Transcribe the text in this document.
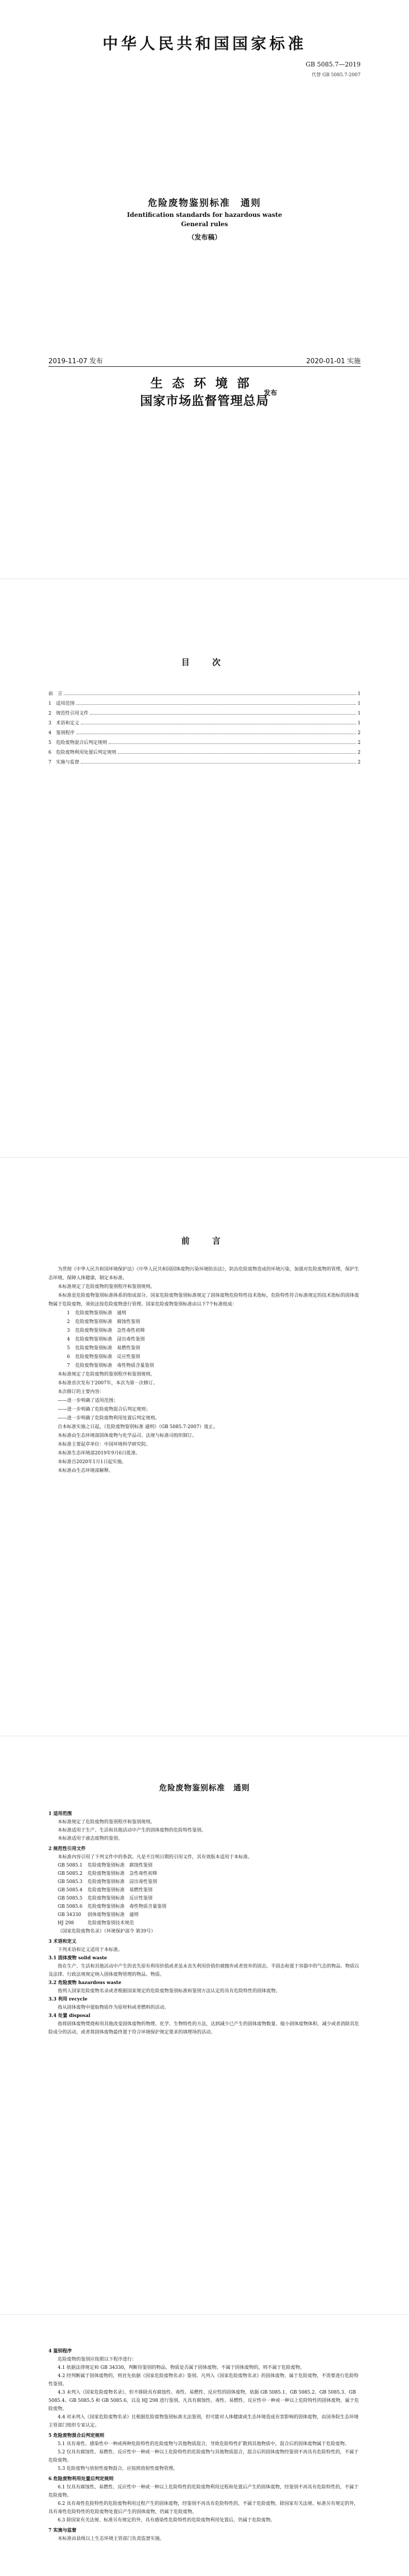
中华人民共和国国家标准
GB 5085.7—2019
代替 GB 5085.7-2007
危险废物鉴别标准　通则
Identification standards for hazardous waste
General rules
（发布稿）
2019-11-07 发布	2020-01-01 实施
生态环境部
国家市场监督管理总局
发布
目　次
前　言	1
1　适用范围	1
2　规范性引用文件	1
3　术语和定义	1
4　鉴别程序	2
5　危险废物混合后判定规则	2
6　危险废物利用处置后判定规则	2
7　实施与监督	2
前　言

为贯彻《中华人民共和国环境保护法》《中华人民共和国固体废物污染环境防治法》，防治危险废物造成的环境污染，加强对危险废物的管理，保护生态环境，保障人体健康，制定本标准。

本标准规定了危险废物的鉴别程序和鉴别规则。

本标准是危险废物鉴别标准体系的组成部分。国家危险废物鉴别标准规定了固体废物危险特性技术指标，危险特性符合标准规定的技术指标的固体废物属于危险废物，须依法按危险废物进行管理。国家危险废物鉴别标准由以下7个标准组成：

1 危险废物鉴别标准　通则
2 危险废物鉴别标准　腐蚀性鉴别
3 危险废物鉴别标准　急性毒性初筛
4 危险废物鉴别标准　浸出毒性鉴别
5 危险废物鉴别标准　易燃性鉴别
6 危险废物鉴别标准　反应性鉴别
7 危险废物鉴别标准　毒性物质含量鉴别

本标准规定了危险废物的鉴别程序和鉴别规则。

本标准首次发布于2007年，本次为第一次修订。

本次修订的主要内容：

——进一步明确了适用范围；

——进一步明确了危险废物混合后判定规则；

——进一步明确了危险废物利用处置后判定规则。

自本标准实施之日起，《危险废物鉴别标准 通则》（GB 5085.7-2007）废止。

本标准由生态环境部固体废物与化学品司、法规与标准司组织制订。

本标准主要起草单位：中国环境科学研究院。

本标准生态环境部2019年9月6日批准。

本标准自2020年1月1日起实施。

本标准由生态环境部解释。

危险废物鉴别标准　通则
1 适用范围

本标准规定了危险废物的鉴别程序和鉴别规则。

本标准适用于生产、生活和其他活动中产生的固体废物的危险特性鉴别。

本标准适用于液态废物的鉴别。

2 规范性引用文件

本标准内容引用了下列文件中的条款。凡是不注明日期的引用文件，其有效版本适用于本标准。

GB 5085.1	危险废物鉴别标准　腐蚀性鉴别
GB 5085.2	危险废物鉴别标准　急性毒性初筛
GB 5085.3	危险废物鉴别标准　浸出毒性鉴别
GB 5085.4	危险废物鉴别标准　易燃性鉴别
GB 5085.5	危险废物鉴别标准　反应性鉴别
GB 5085.6	危险废物鉴别标准　毒性物质含量鉴别
GB 34330	固体废物鉴别标准　通则
HJ 298	危险废物鉴别技术规范
《国家危险废物名录》（环境保护部令 第39号）
3 术语和定义

下列术语和定义适用于本标准。

3.1 固体废物 solid waste

指在生产、生活和其他活动中产生的丧失原有利用价值或者虽未丧失利用价值但被抛弃或者放弃的固态、半固态和置于容器中的气态的物品、物质以及法律、行政法规规定纳入固体废物管理的物品、物质。

3.2 危险废物 hazardous waste

指列入国家危险废物名录或者根据国家规定的危险废物鉴别标准和鉴别方法认定的具有危险特性的固体废物。

3.3 利用 recycle

指从固体废物中提取物质作为原材料或者燃料的活动。

3.4 处置 disposal

指将固体废物焚烧和用其他改变固体废物的物理、化学、生物特性的方法，达到减少已产生的固体废物数量、缩小固体废物体积、减少或者消除其危险成分的活动，或者将固体废物最终置于符合环境保护规定要求的填埋场的活动。

4 鉴别程序

危险废物的鉴别应按照以下程序进行：

4.1 依据法律规定和 GB 34330，判断待鉴别的物品、物质是否属于固体废物，不属于固体废物的，则不属于危险废物。

4.2 经判断属于固体废物的，则首先依据《国家危险废物名录》鉴别。凡列入《国家危险废物名录》的固体废物，属于危险废物，不需要进行危险特性鉴别。

4.3 未列入《国家危险废物名录》，但不排除具有腐蚀性、毒性、易燃性、反应性的固体废物，依据 GB 5085.1、GB 5085.2、GB 5085.3、GB 5085.4、GB 5085.5 和 GB 5085.6，以及 HJ 298 进行鉴别。凡具有腐蚀性、毒性、易燃性、反应性中一种或一种以上危险特性的固体废物，属于危险废物。

4.4 对未列入《国家危险废物名录》且根据危险废物鉴别标准无法鉴别，但可能对人体健康或生态环境造成有害影响的固体废物，由国务院生态环境主管部门组织专家认定。

5 危险废物混合后判定规则

5.1 具有毒性、感染性中一种或两种危险特性的危险废物与其他物质混合，导致危险特性扩散到其他物质中，混合后的固体废物属于危险废物。

5.2 仅具有腐蚀性、易燃性、反应性中一种或一种以上危险特性的危险废物与其他物质混合，混合后的固体废物经鉴别不再具有危险特性的，不属于危险废物。

5.3 危险废物与放射性废物混合，应按照放射性废物管理。

6 危险废物利用处置后判定规则

6.1 仅具有腐蚀性、易燃性、反应性中一种或一种以上危险特性的危险废物利用过程和处置后产生的固体废物，经鉴别不再具有危险特性的，不属于危险废物。

6.2 具有毒性危险特性的危险废物利用过程产生的固体废物，经鉴别不再具有危险特性的，不属于危险废物。除国家有关法规、标准另有规定的外，具有毒性危险特性的危险废物处置后产生的固体废物，仍属于危险废物。

6.3 除国家有关法规、标准另有规定的外，具有感染性危险特性的危险废物利用处置后，仍属于危险废物。

7 实施与监督

本标准由县级以上生态环境主管部门负责监督实施。
